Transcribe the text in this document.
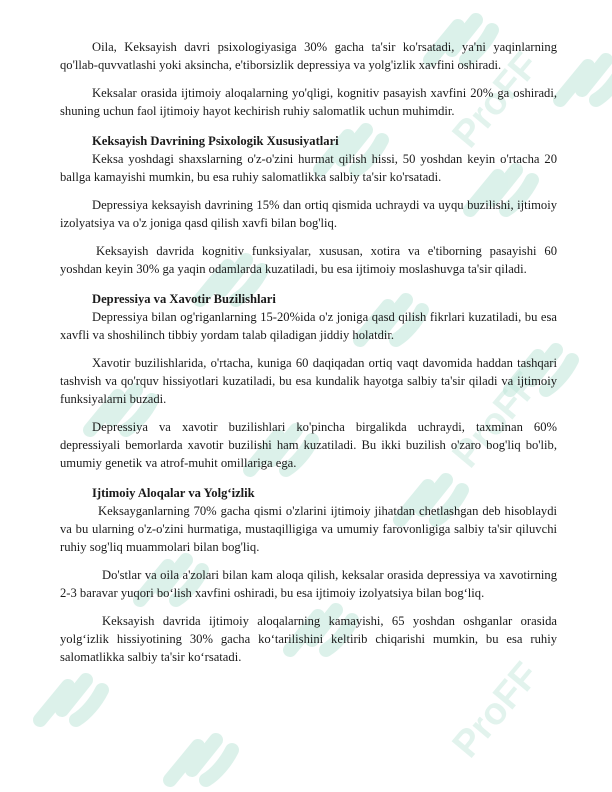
ProFF
ProFF
ProFF

Oila, Keksayish davri psixologiyasiga 30% gacha ta'sir ko'rsatadi, ya'ni yaqinlarning qo'llab-quvvatlashi yoki aksincha, e'tiborsizlik depressiya va yolg'izlik xavfini oshiradi.

Keksalar orasida ijtimoiy aloqalarning yo'qligi, kognitiv pasayish xavfini 20% ga oshiradi, shuning uchun faol ijtimoiy hayot kechirish ruhiy salomatlik uchun muhimdir.

Keksayish Davrining Psixologik Xususiyatlari

Keksa yoshdagi shaxslarning o'z-o'zini hurmat qilish hissi, 50 yoshdan keyin o'rtacha 20 ballga kamayishi mumkin, bu esa ruhiy salomatlikka salbiy ta'sir ko'rsatadi.

Depressiya keksayish davrining 15% dan ortiq qismida uchraydi va uyqu buzilishi, ijtimoiy izolyatsiya va o'z joniga qasd qilish xavfi bilan bog'liq.

Keksayish davrida kognitiv funksiyalar, xususan, xotira va e'tiborning pasayishi 60 yoshdan keyin 30% ga yaqin odamlarda kuzatiladi, bu esa ijtimoiy moslashuvga ta'sir qiladi.

Depressiya va Xavotir Buzilishlari

Depressiya bilan og'riganlarning 15-20%ida o'z joniga qasd qilish fikrlari kuzatiladi, bu esa xavfli va shoshilinch tibbiy yordam talab qiladigan jiddiy holatdir.

Xavotir buzilishlarida, o'rtacha, kuniga 60 daqiqadan ortiq vaqt davomida haddan tashqari tashvish va qo'rquv hissiyotlari kuzatiladi, bu esa kundalik hayotga salbiy ta'sir qiladi va ijtimoiy funksiyalarni buzadi.

Depressiya va xavotir buzilishlari ko'pincha birgalikda uchraydi, taxminan 60% depressiyali bemorlarda xavotir buzilishi ham kuzatiladi. Bu ikki buzilish o'zaro bog'liq bo'lib, umumiy genetik va atrof-muhit omillariga ega.

Ijtimoiy Aloqalar va Yolg‘izlik

Keksayganlarning 70% gacha qismi o'zlarini ijtimoiy jihatdan chetlashgan deb hisoblaydi va bu ularning o'z-o'zini hurmatiga, mustaqilligiga va umumiy farovonligiga salbiy ta'sir qiluvchi ruhiy sog'liq muammolari bilan bog'liq.

Do'stlar va oila a'zolari bilan kam aloqa qilish, keksalar orasida depressiya va xavotirning 2-3 baravar yuqori bo‘lish xavfini oshiradi, bu esa ijtimoiy izolyatsiya bilan bog‘liq.

Keksayish davrida ijtimoiy aloqalarning kamayishi, 65 yoshdan oshganlar orasida yolg‘izlik hissiyotining 30% gacha ko‘tarilishini keltirib chiqarishi mumkin, bu esa ruhiy salomatlikka salbiy ta'sir ko‘rsatadi.
